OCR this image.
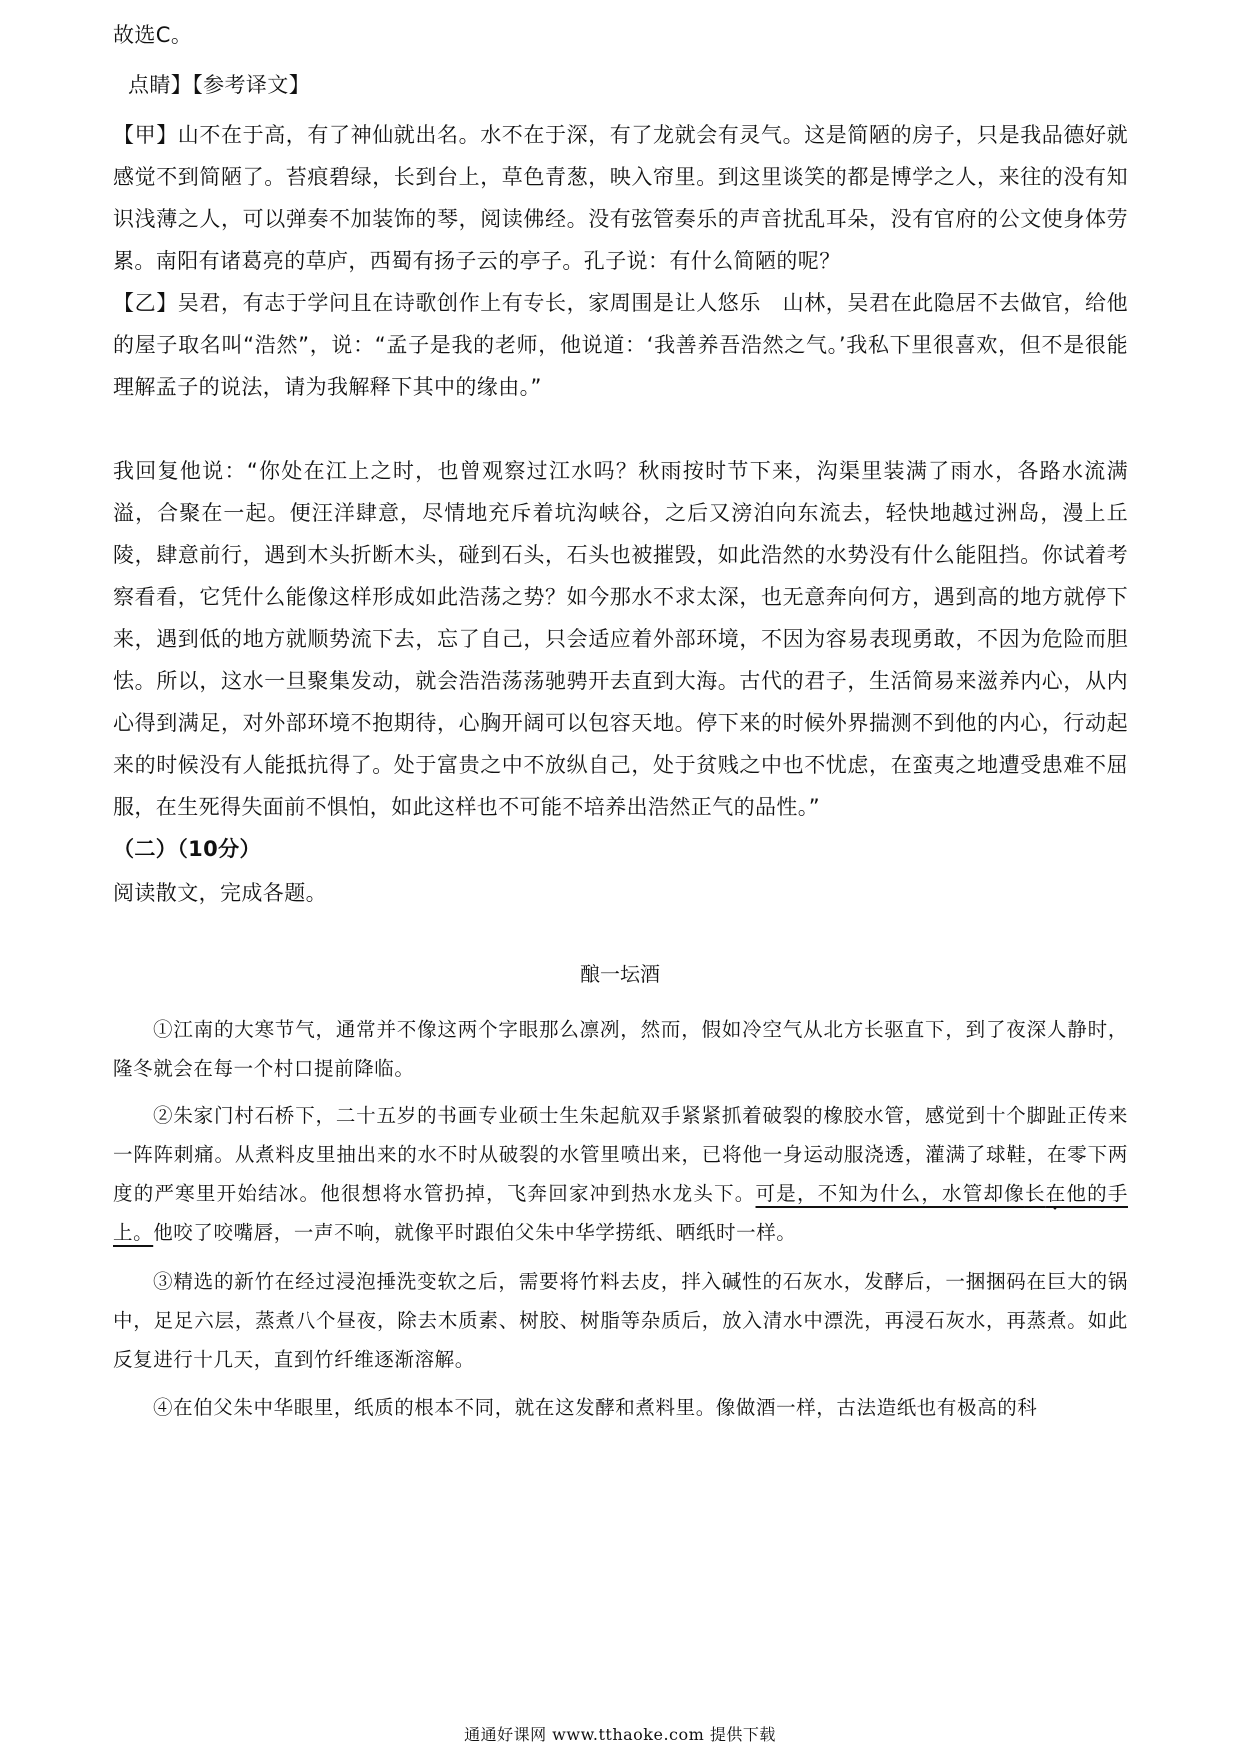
故选C。

点睛】【参考译文】

【甲】山不在于高，有了神仙就出名。水不在于深，有了龙就会有灵气。这是简陋的房子，只是我品德好就感觉不到简陋了。苔痕碧绿，长到台上，草色青葱，映入帘里。到这里谈笑的都是博学之人，来往的没有知识浅薄之人，可以弹奏不加装饰的琴，阅读佛经。没有弦管奏乐的声音扰乱耳朵，没有官府的公文使身体劳累。南阳有诸葛亮的草庐，西蜀有扬子云的亭子。孔子说：有什么简陋的呢？

【乙】吴君，有志于学问且在诗歌创作上有专长，家周围是让人悠乐　山林，吴君在此隐居不去做官，给他的屋子取名叫“浩然”，说：“孟子是我的老师，他说道：‘我善养吾浩然之气。’我私下里很喜欢，但不是很能理解孟子的说法，请为我解释下其中的缘由。”

我回复他说：“你处在江上之时，也曾观察过江水吗？秋雨按时节下来，沟渠里装满了雨水，各路水流满溢，合聚在一起。便汪洋肆意，尽情地充斥着坑沟峡谷，之后又滂泊向东流去，轻快地越过洲岛，漫上丘陵，肆意前行，遇到木头折断木头，碰到石头，石头也被摧毁，如此浩然的水势没有什么能阻挡。你试着考察看看，它凭什么能像这样形成如此浩荡之势？如今那水不求太深，也无意奔向何方，遇到高的地方就停下来，遇到低的地方就顺势流下去，忘了自己，只会适应着外部环境，不因为容易表现勇敢，不因为危险而胆怯。所以，这水一旦聚集发动，就会浩浩荡荡驰骋开去直到大海。古代的君子，生活简易来滋养内心，从内心得到满足，对外部环境不抱期待，心胸开阔可以包容天地。停下来的时候外界揣测不到他的内心，行动起来的时候没有人能抵抗得了。处于富贵之中不放纵自己，处于贫贱之中也不忧虑，在蛮夷之地遭受患难不屈服，在生死得失面前不惧怕，如此这样也不可能不培养出浩然正气的品性。”

（二）（10分）

阅读散文，完成各题。

酿一坛酒

①江南的大寒节气，通常并不像这两个字眼那么凛冽，然而，假如冷空气从北方长驱直下，到了夜深人静时，隆冬就会在每一个村口提前降临。

②朱家门村石桥下，二十五岁的书画专业硕士生朱起航双手紧紧抓着破裂的橡胶水管，感觉到十个脚趾正传来一阵阵刺痛。从煮料皮里抽出来的水不时从破裂的水管里喷出来，已将他一身运动服浇透，灌满了球鞋，在零下两度的严寒里开始结冰。他很想将水管扔掉，飞奔回家冲到热水龙头下。可是，不知为什么，水管却像长在他的手上。他咬了咬嘴唇，一声不响，就像平时跟伯父朱中华学捞纸、晒纸时一样。

③精选的新竹在经过浸泡捶洗变软之后，需要将竹料去皮，拌入碱性的石灰水，发酵后，一捆捆码在巨大的锅中，足足六层，蒸煮八个昼夜，除去木质素、树胶、树脂等杂质后，放入清水中漂洗，再浸石灰水，再蒸煮。如此反复进行十几天，直到竹纤维逐渐溶解。

④在伯父朱中华眼里，纸质的根本不同，就在这发酵和煮料里。像做酒一样，古法造纸也有极高的科

通通好课网 www.tthaoke.com 提供下载
